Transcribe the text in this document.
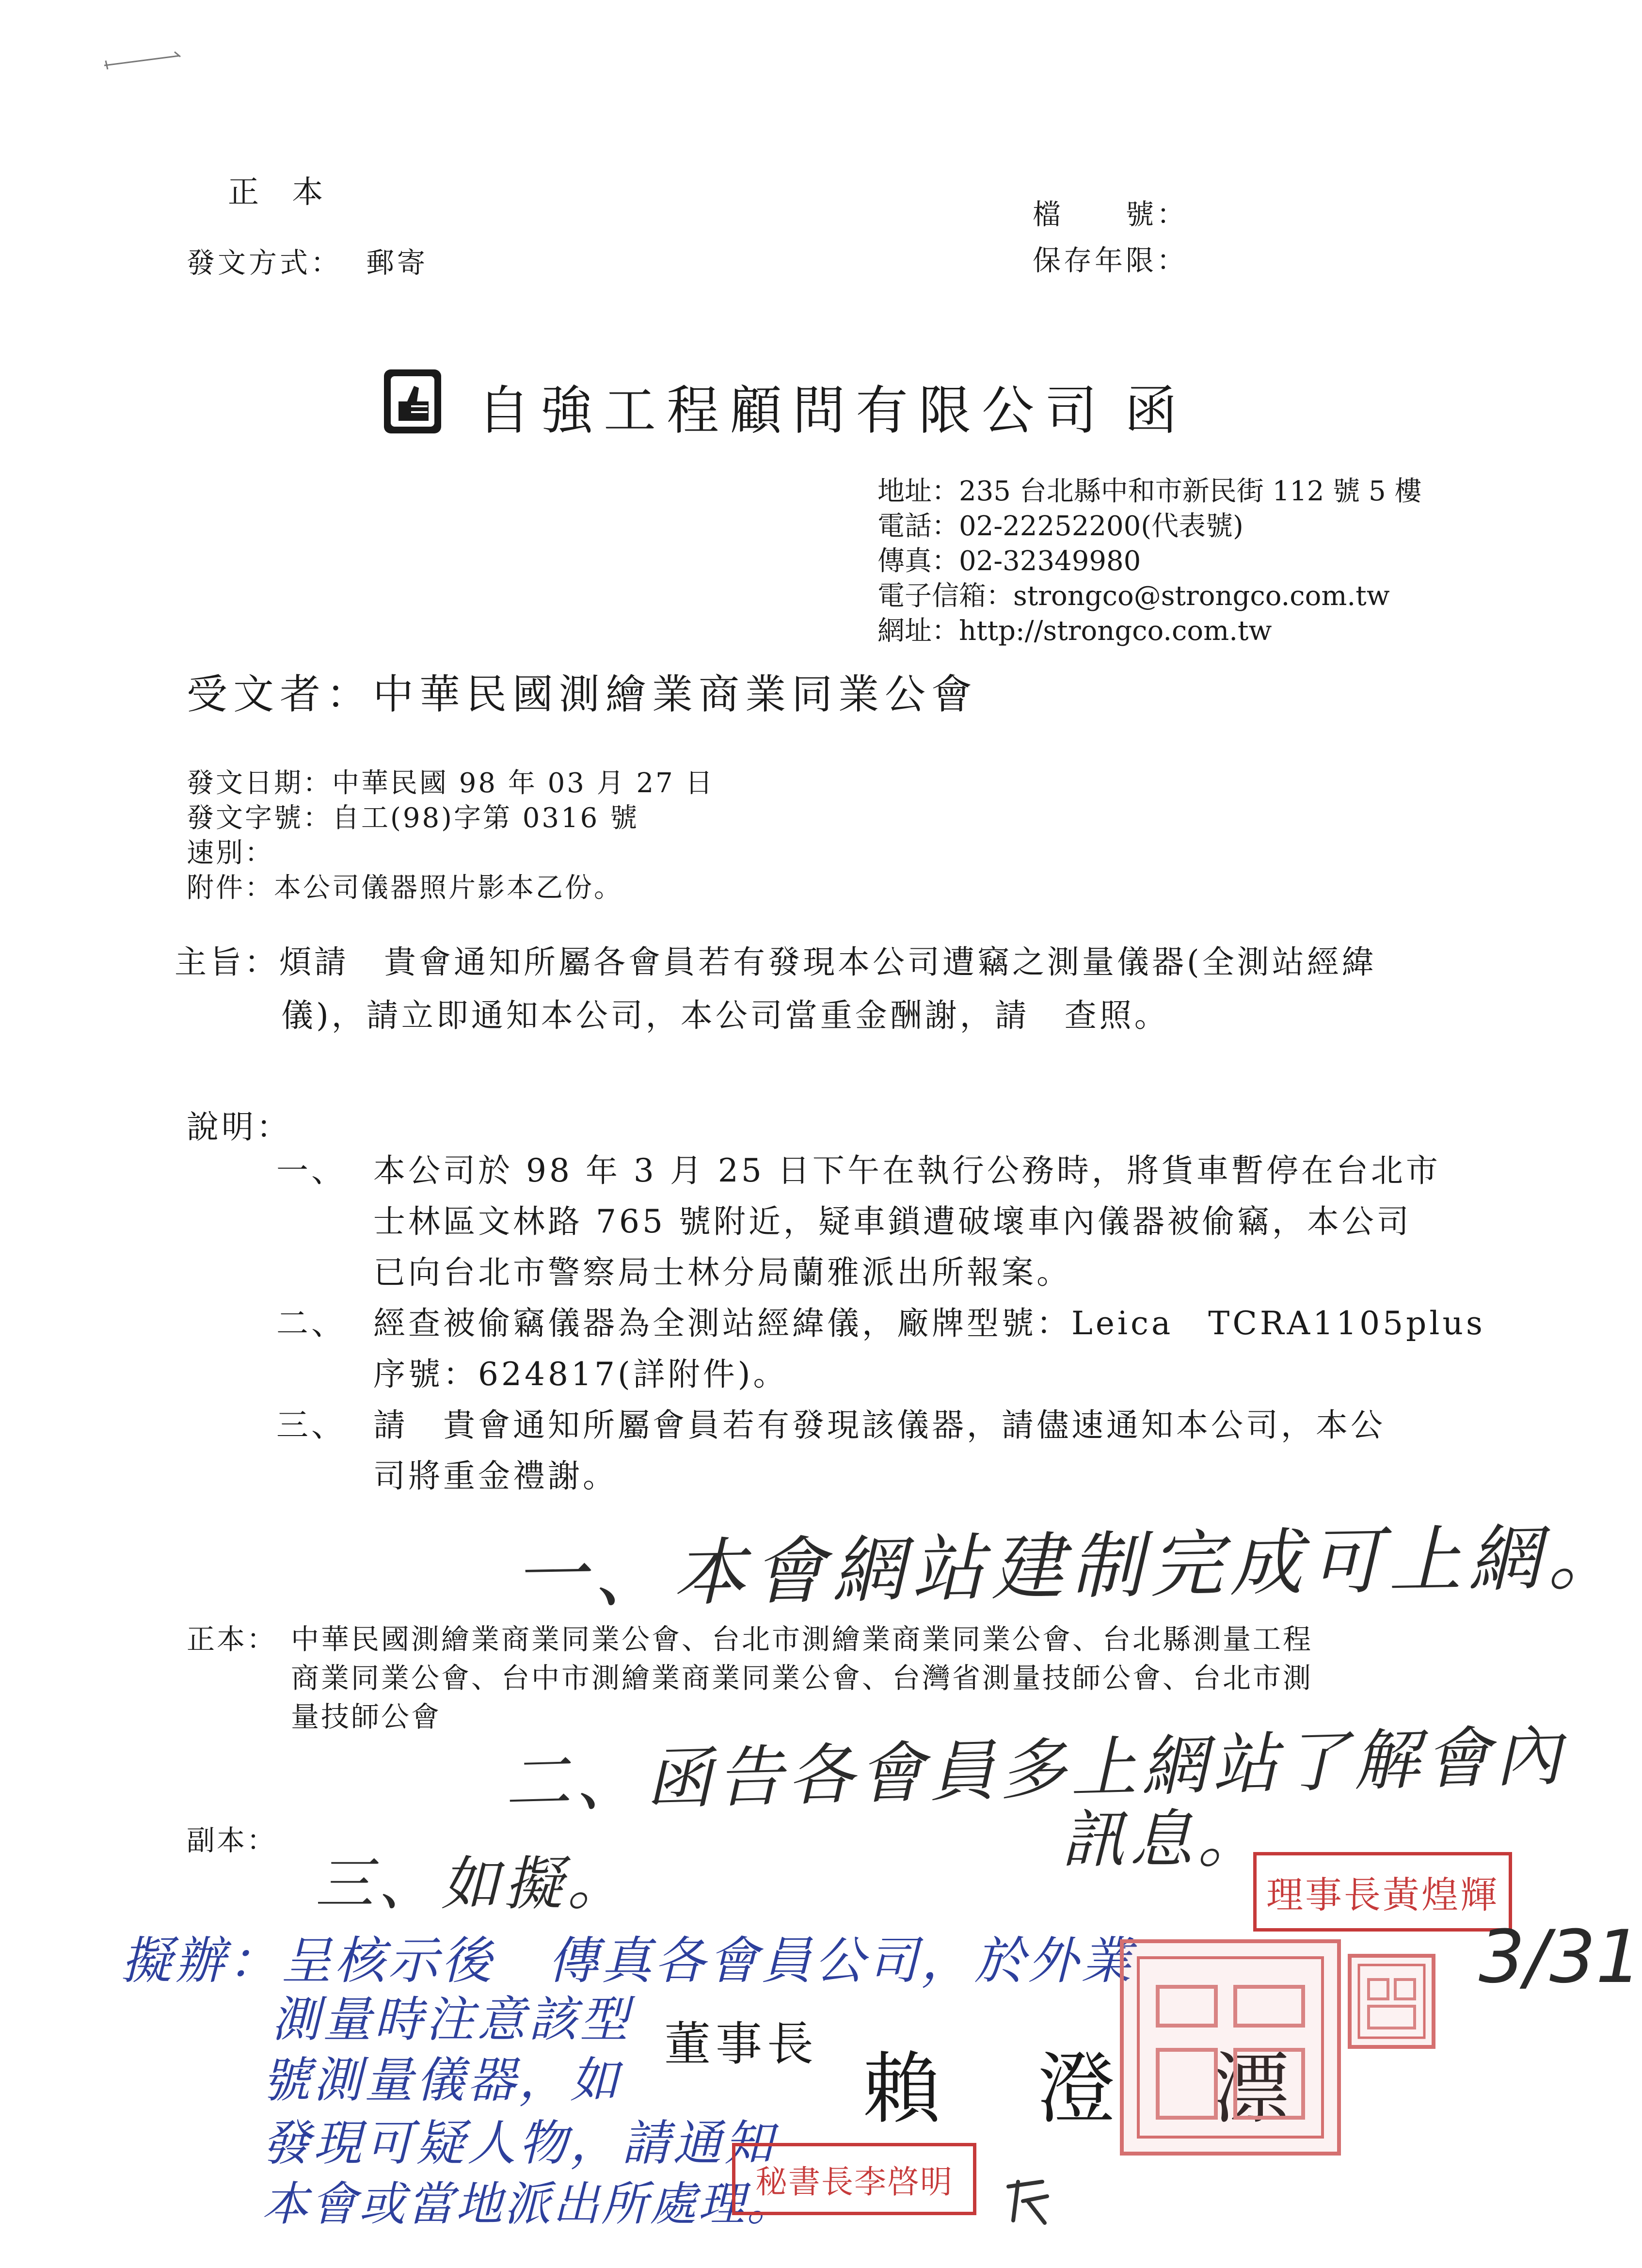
正 本
檔　　號：
發文方式： 郵寄	保存年限：
自強工程顧問有限公司 函
地址：235 台北縣中和市新民街 112 號 5 樓
電話：02-22252200(代表號)
傳真：02-32349980
電子信箱：strongco@strongco.com.tw
網址：http://strongco.com.tw
受文者：中華民國測繪業商業同業公會
發文日期：中華民國 98 年 03 月 27 日
發文字號：自工(98)字第 0316 號
速別：
附件：本公司儀器照片影本乙份。
主旨：煩請　貴會通知所屬各會員若有發現本公司遭竊之測量儀器(全測站經緯
儀)，請立即通知本公司，本公司當重金酬謝，請　查照。
說明：
一、 本公司於 98 年 3 月 25 日下午在執行公務時，將貨車暫停在台北市
士林區文林路 765 號附近，疑車鎖遭破壞車內儀器被偷竊，本公司
已向台北市警察局士林分局蘭雅派出所報案。
二、 經查被偷竊儀器為全測站經緯儀，廠牌型號：Leica　TCRA1105plus
序號：624817(詳附件)。
三、 請　貴會通知所屬會員若有發現該儀器，請儘速通知本公司，本公
司將重金禮謝。
一、本會網站建制完成可上網。
正本： 中華民國測繪業商業同業公會、台北市測繪業商業同業公會、台北縣測量工程
商業同業公會、台中市測繪業商業同業公會、台灣省測量技師公會、台北市測
量技師公會
二、函告各會員多上網站了解會內
訊息。
副本：
三、如擬。	理事長黃煌輝
3/31
擬辦：呈核示後　傳真各會員公司，於外業
測量時注意該型
號測量儀器，如
發現可疑人物，請通知
本會或當地派出所處理。
董事長 賴　澄　漂
秘書長李啓明
